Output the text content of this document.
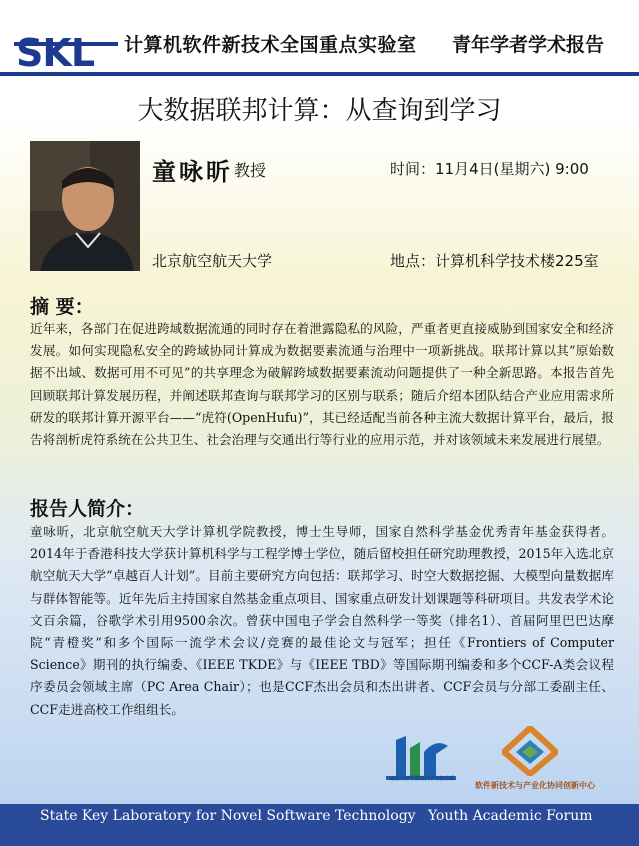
SKL 计算机软件新技术全国重点实验室 青年学者学术报告
大数据联邦计算：从查询到学习
童咏昕 教授	时间：11月4日(星期六) 9:00
北京航空航天大学	地点：计算机科学技术楼225室
摘 要：
近年来，各部门在促进跨域数据流通的同时存在着泄露隐私的风险，严重者更直接威胁到国家安全和经济发展。如何实现隐私安全的跨域协同计算成为数据要素流通与治理中一项新挑战。联邦计算以其“原始数据不出域、数据可用不可见”的共享理念为破解跨域数据要素流动问题提供了一种全新思路。本报告首先回顾联邦计算发展历程，并阐述联邦查询与联邦学习的区别与联系；随后介绍本团队结合产业应用需求所研发的联邦计算开源平台——“虎符(OpenHufu)”，其已经适配当前各种主流大数据计算平台，最后，报告将剖析虎符系统在公共卫生、社会治理与交通出行等行业的应用示范，并对该领域未来发展进行展望。
报告人简介：
童咏昕，北京航空航天大学计算机学院教授，博士生导师，国家自然科学基金优秀青年基金获得者。2014年于香港科技大学获计算机科学与工程学博士学位，随后留校担任研究助理教授，2015年入选北京航空航天大学“卓越百人计划”。目前主要研究方向包括：联邦学习、时空大数据挖掘、大模型向量数据库与群体智能等。近年先后主持国家自然基金重点项目、国家重点研发计划课题等科研项目。共发表学术论文百余篇，谷歌学术引用9500余次。曾获中国电子学会自然科学一等奖（排名1）、首届阿里巴巴达摩院“青橙奖”和多个国际一流学术会议/竞赛的最佳论文与冠军；担任《Frontiers of Computer Science》期刊的执行编委、《IEEE TKDE》与《IEEE TBD》等国际期刊编委和多个CCF-A类会议程序委员会领域主席（PC Area Chair）；也是CCF杰出会员和杰出讲者、CCF会员与分部工委副主任、CCF走进高校工作组组长。
南京大学计算机科学与技术系
软件新技术与产业化协同创新中心
State Key Laboratory for Novel Software Technology Youth Academic Forum
